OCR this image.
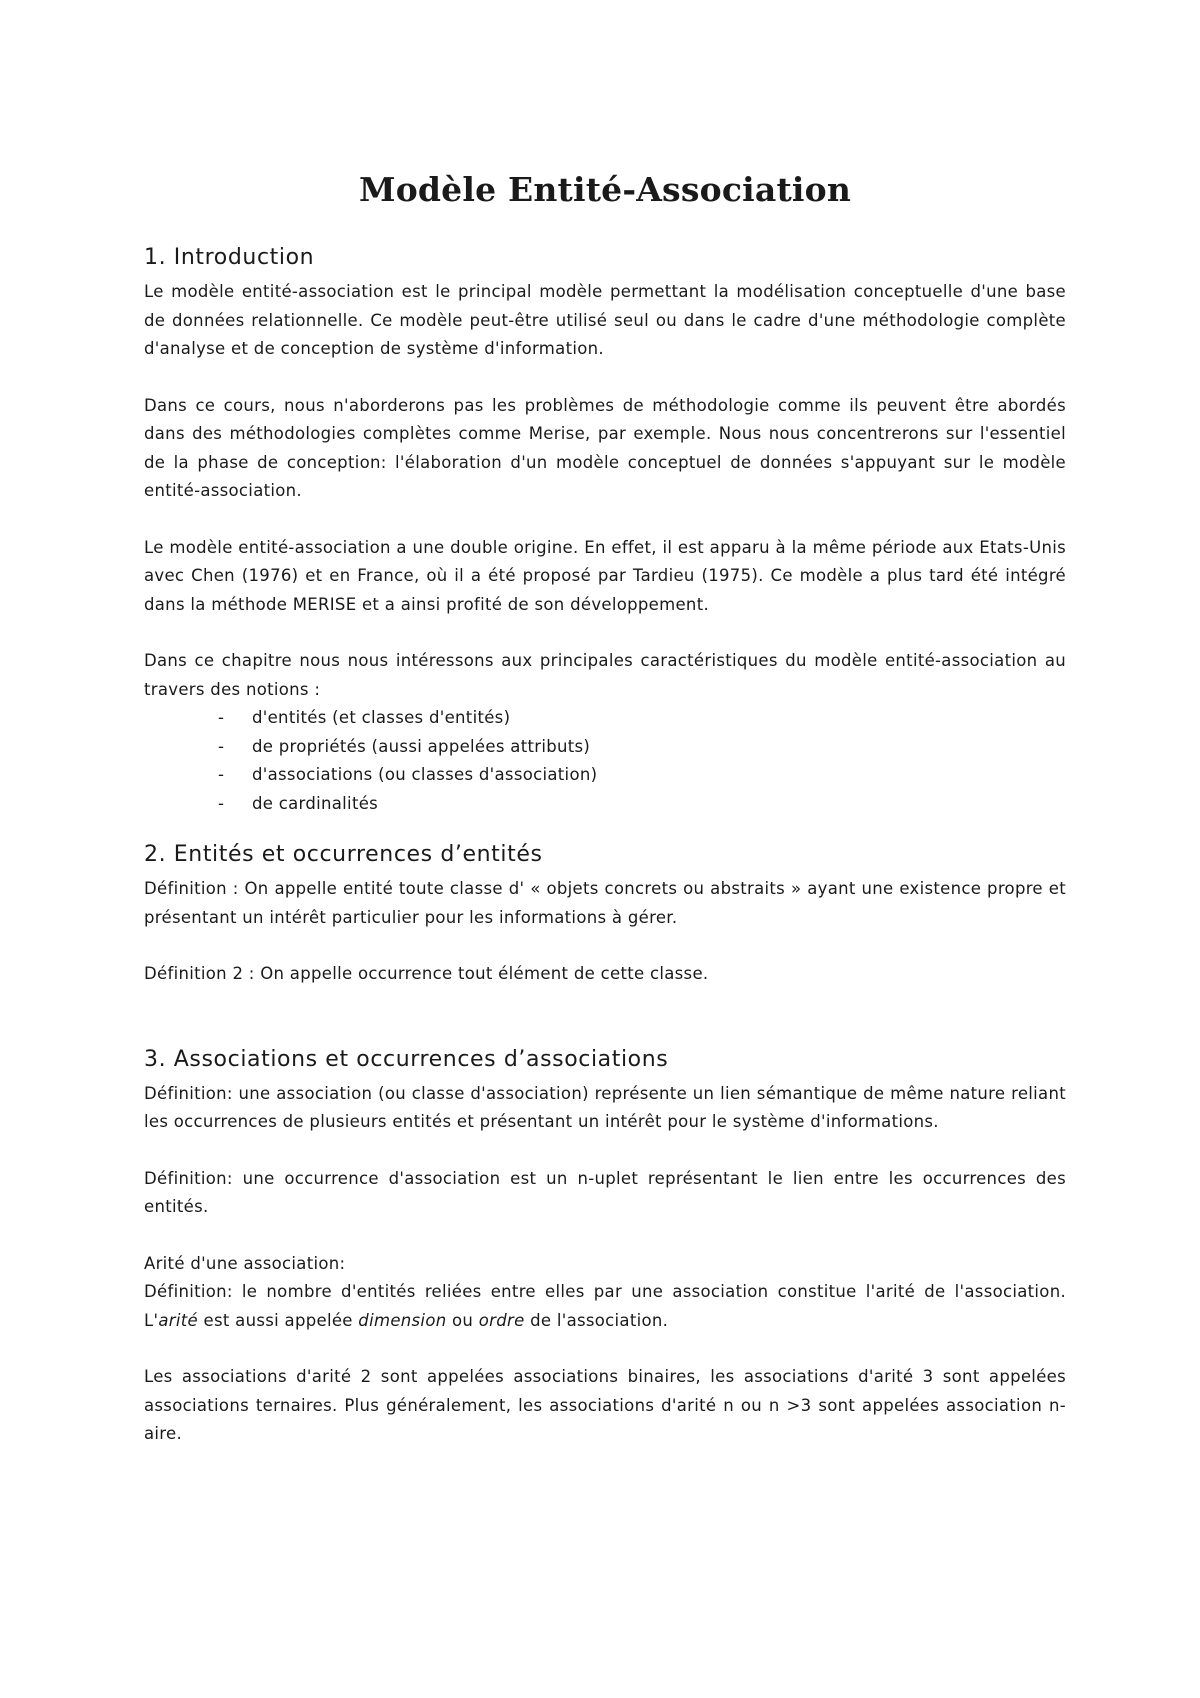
Modèle Entité-Association
1. Introduction

Le modèle entité-association est le principal modèle permettant la modélisation conceptuelle d'une base de données relationnelle. Ce modèle peut-être utilisé seul ou dans le cadre d'une méthodologie complète d'analyse et de conception de système d'information.

Dans ce cours, nous n'aborderons pas les problèmes de méthodologie comme ils peuvent être abordés dans des méthodologies complètes comme Merise, par exemple. Nous nous concentrerons sur l'essentiel de la phase de conception: l'élaboration d'un modèle conceptuel de données s'appuyant sur le modèle entité-association.

Le modèle entité-association a une double origine. En effet, il est apparu à la même période aux Etats-Unis avec Chen (1976) et en France, où il a été proposé par Tardieu (1975). Ce modèle a plus tard été intégré dans la méthode MERISE et a ainsi profité de son développement.

Dans ce chapitre nous nous intéressons aux principales caractéristiques du modèle entité-association au travers des notions :

- d'entités (et classes d'entités)
- de propriétés (aussi appelées attributs)
- d'associations (ou classes d'association)
- de cardinalités
2. Entités et occurrences d’entités

Définition : On appelle entité toute classe d' « objets concrets ou abstraits » ayant une existence propre et présentant un intérêt particulier pour les informations à gérer.

Définition 2 : On appelle occurrence tout élément de cette classe.

3. Associations et occurrences d’associations

Définition: une association (ou classe d'association) représente un lien sémantique de même nature reliant les occurrences de plusieurs entités et présentant un intérêt pour le système d'informations.

Définition: une occurrence d'association est un n-uplet représentant le lien entre les occurrences des entités.

Arité d'une association:

Définition: le nombre d'entités reliées entre elles par une association constitue l'arité de l'association. L'arité est aussi appelée dimension ou ordre de l'association.

Les associations d'arité 2 sont appelées associations binaires, les associations d'arité 3 sont appelées associations ternaires. Plus généralement, les associations d'arité n ou n >3 sont appelées association n-aire.
